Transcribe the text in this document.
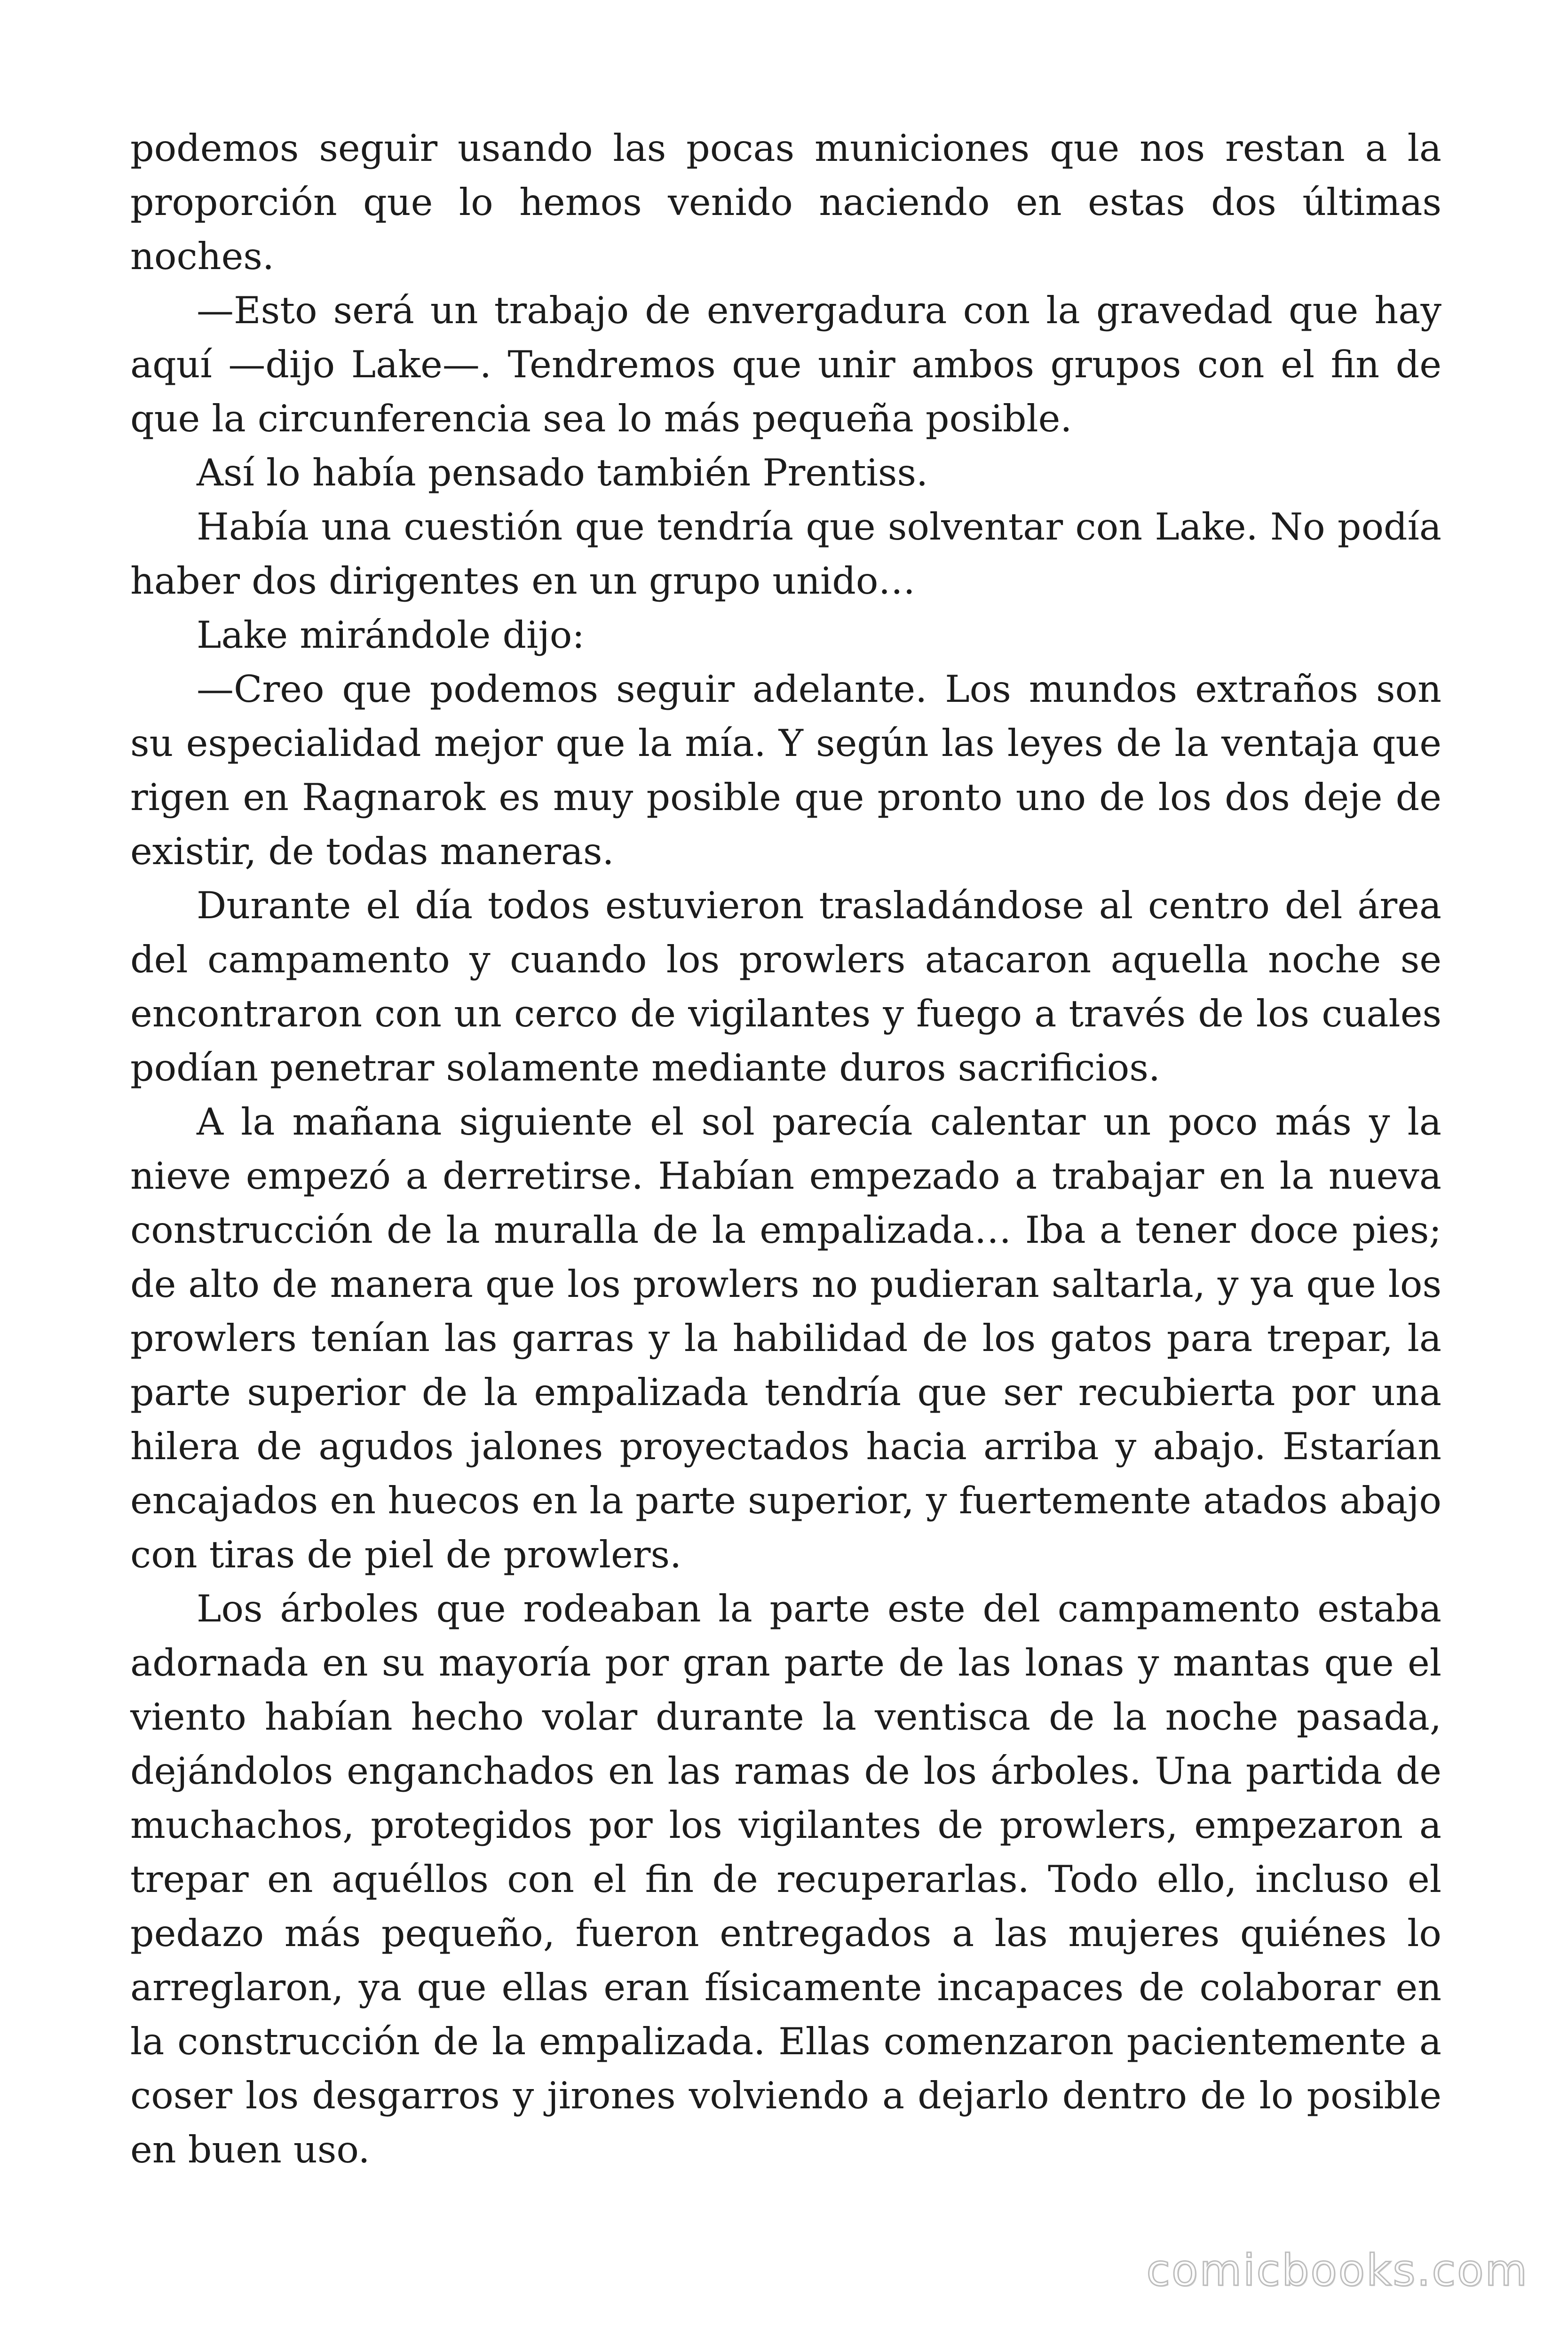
podemos seguir usando las pocas municiones que nos restan a la proporción que lo hemos venido naciendo en estas dos últimas noches.

—Esto será un trabajo de envergadura con la gravedad que hay aquí —dijo Lake—. Tendremos que unir ambos grupos con el fin de que la circunferencia sea lo más pequeña posible.

Así lo había pensado también Prentiss.

Había una cuestión que tendría que solventar con Lake. No podía haber dos dirigentes en un grupo unido…

Lake mirándole dijo:

—Creo que podemos seguir adelante. Los mundos extraños son su especialidad mejor que la mía. Y según las leyes de la ventaja que rigen en Ragnarok es muy posible que pronto uno de los dos deje de existir, de todas maneras.

Durante el día todos estuvieron trasladándose al centro del área del campamento y cuando los prowlers atacaron aquella noche se encontraron con un cerco de vigilantes y fuego a través de los cuales podían penetrar solamente mediante duros sacrificios.

A la mañana siguiente el sol parecía calentar un poco más y la nieve empezó a derretirse. Habían empezado a trabajar en la nueva construcción de la muralla de la empalizada… Iba a tener doce pies; de alto de manera que los prowlers no pudieran saltarla, y ya que los prowlers tenían las garras y la habilidad de los gatos para trepar, la parte superior de la empalizada tendría que ser recubierta por una hilera de agudos jalones proyectados hacia arriba y abajo. Estarían encajados en huecos en la parte superior, y fuertemente atados abajo con tiras de piel de prowlers.

Los árboles que rodeaban la parte este del campamento estaba adornada en su mayoría por gran parte de las lonas y mantas que el viento habían hecho volar durante la ventisca de la noche pasada, dejándolos enganchados en las ramas de los árboles. Una partida de muchachos, protegidos por los vigilantes de prowlers, empezaron a trepar en aquéllos con el fin de recuperarlas. Todo ello, incluso el pedazo más pequeño, fueron entregados a las mujeres quiénes lo arreglaron, ya que ellas eran físicamente incapaces de colaborar en la construcción de la empalizada. Ellas comenzaron pacientemente a coser los desgarros y jirones volviendo a dejarlo dentro de lo posible en buen uso.

comicbooks.com
